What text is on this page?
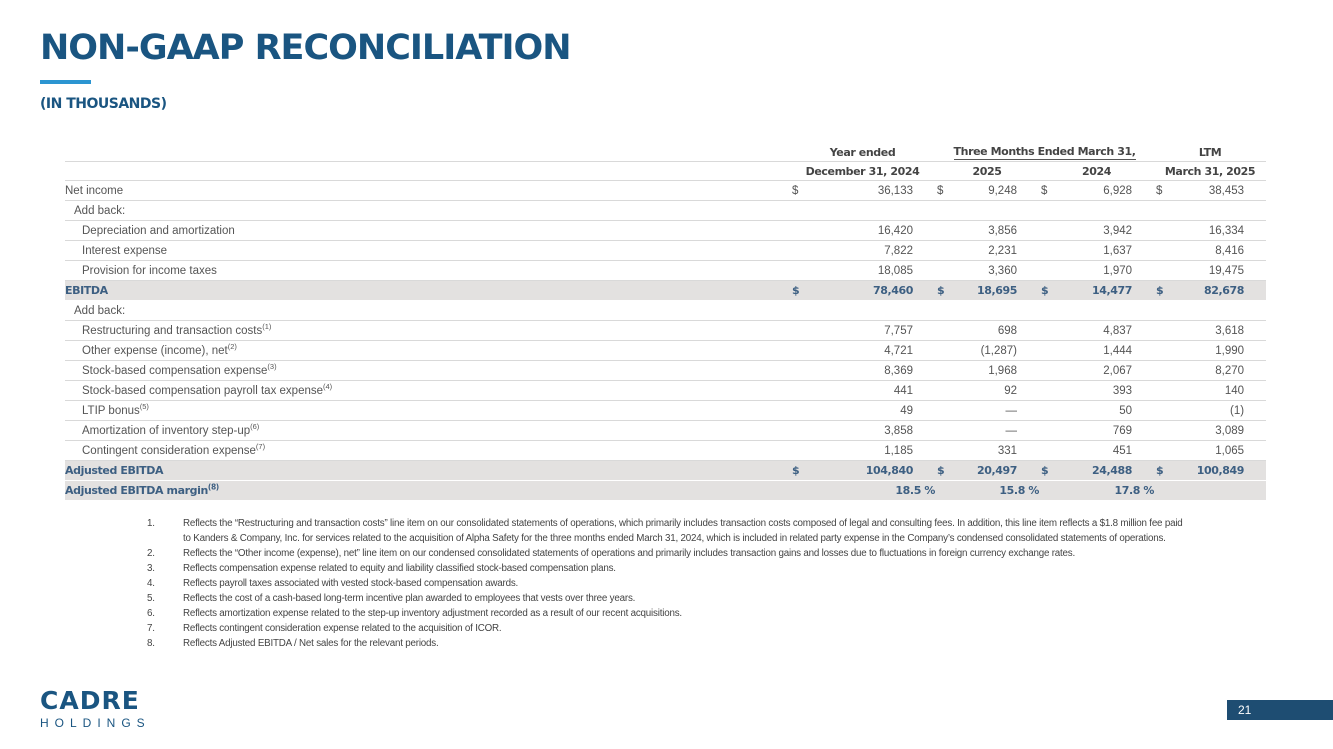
NON-GAAP RECONCILIATION
(IN THOUSANDS)
	Year ended		Three Months Ended March 31,				LTM	
	December 31, 2024		2025		2024		March 31, 2025	
Net income	$	36,133	$	9,248	$	6,928	$	38,453
Add back:								
Depreciation and amortization		16,420		3,856		3,942		16,334
Interest expense		7,822		2,231		1,637		8,416
Provision for income taxes		18,085		3,360		1,970		19,475
EBITDA	$	78,460	$	18,695	$	14,477	$	82,678
Add back:								
Restructuring and transaction costs$^{(1)}$		7,757		698		4,837		3,618
Other expense (income), net$^{(2)}$		4,721		(1,287)		1,444		1,990
Stock-based compensation expense$^{(3)}$		8,369		1,968		2,067		8,270
Stock-based compensation payroll tax expense$^{(4)}$		441		92		393		140
LTIP bonus$^{(5)}$		49		—		50		(1)
Amortization of inventory step-$up^{(6)}$		3,858		—		769		3,089
Contingent consideration expense$^{(7)}$		1,185		331		451		1,065
Adjusted EBITDA	$	104,840	$	20,497	$	24,488	$	100,849
Adjusted EBITDA margin$^{(8)}$		18.5 %		15.8 %		17.8 %		
1.	Reflects the “Restructuring and transaction costs” line item on our consolidated statements of operations, which primarily includes transaction costs composed of legal and consulting fees. In addition, this line item reflects a $1.8 million fee paid to Kanders & Company, Inc. for services related to the acquisition of Alpha Safety for the three months ended March 31, 2024, which is included in related party expense in the Company’s condensed consolidated statements of operations.
2.	Reflects the “Other income (expense), net” line item on our condensed consolidated statements of operations and primarily includes transaction gains and losses due to fluctuations in foreign currency exchange rates.
3.	Reflects compensation expense related to equity and liability classified stock-based compensation plans.
4.	Reflects payroll taxes associated with vested stock-based compensation awards.
5.	Reflects the cost of a cash-based long-term incentive plan awarded to employees that vests over three years.
6.	Reflects amortization expense related to the step-up inventory adjustment recorded as a result of our recent acquisitions.
7.	Reflects contingent consideration expense related to the acquisition of ICOR.
8.	Reflects Adjusted EBITDA / Net sales for the relevant periods.
CADRE
HOLDINGS
21
